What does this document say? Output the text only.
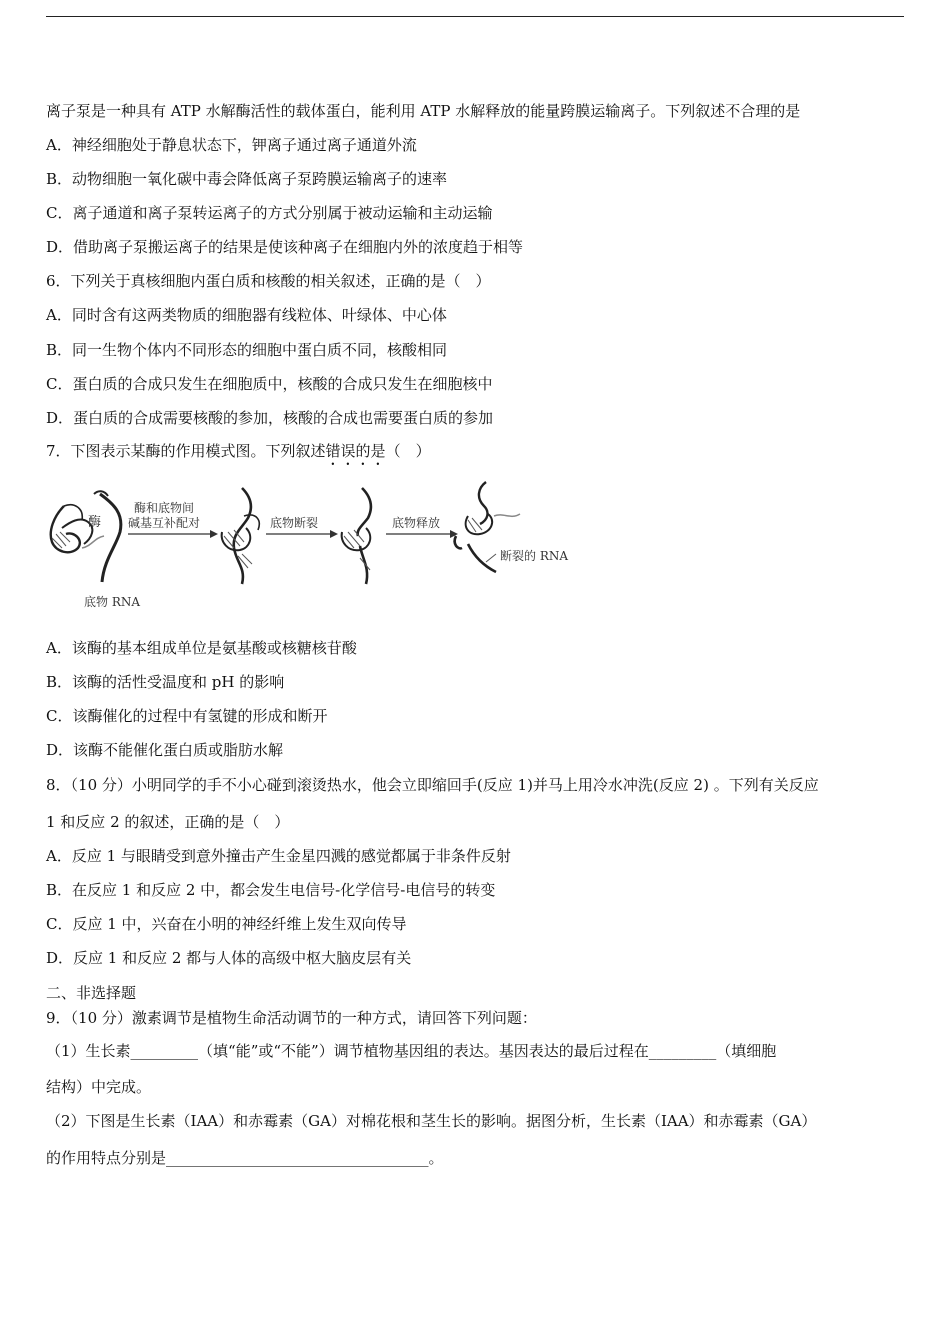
离子泵是一种具有 ATP 水解酶活性的载体蛋白，能利用 ATP 水解释放的能量跨膜运输离子。下列叙述不合理的是
A．神经细胞处于静息状态下，钾离子通过离子通道外流
B．动物细胞一氧化碳中毒会降低离子泵跨膜运输离子的速率
C．离子通道和离子泵转运离子的方式分别属于被动运输和主动运输
D．借助离子泵搬运离子的结果是使该种离子在细胞内外的浓度趋于相等
6．下列关于真核细胞内蛋白质和核酸的相关叙述，正确的是（　）
A．同时含有这两类物质的细胞器有线粒体、叶绿体、中心体
B．同一生物个体内不同形态的细胞中蛋白质不同，核酸相同
C．蛋白质的合成只发生在细胞质中，核酸的合成只发生在细胞核中
D．蛋白质的合成需要核酸的参加，核酸的合成也需要蛋白质的参加
7．下图表示某酶的作用模式图。下列叙述错误的是（　）
酶
底物 RNA
酶和底物间
碱基互补配对	底物断裂	底物释放
断裂的 RNA
A．该酶的基本组成单位是氨基酸或核糖核苷酸
B．该酶的活性受温度和 pH 的影响
C．该酶催化的过程中有氢键的形成和断开
D．该酶不能催化蛋白质或脂肪水解
8．（10 分）小明同学的手不小心碰到滚烫热水，他会立即缩回手(反应 1)并马上用冷水冲洗(反应 2) 。下列有关反应
1 和反应 2 的叙述，正确的是（　）
A．反应 1 与眼睛受到意外撞击产生金星四溅的感觉都属于非条件反射
B．在反应 1 和反应 2 中，都会发生电信号-化学信号-电信号的转变
C．反应 1 中，兴奋在小明的神经纤维上发生双向传导
D．反应 1 和反应 2 都与人体的高级中枢大脑皮层有关
二、非选择题
9．（10 分）激素调节是植物生命活动调节的一种方式，请回答下列问题：
（1）生长素_________（填“能”或“不能”）调节植物基因组的表达。基因表达的最后过程在_________（填细胞
结构）中完成。
（2）下图是生长素（IAA）和赤霉素（GA）对棉花根和茎生长的影响。据图分析，生长素（IAA）和赤霉素（GA）
的作用特点分别是___________________________________。
